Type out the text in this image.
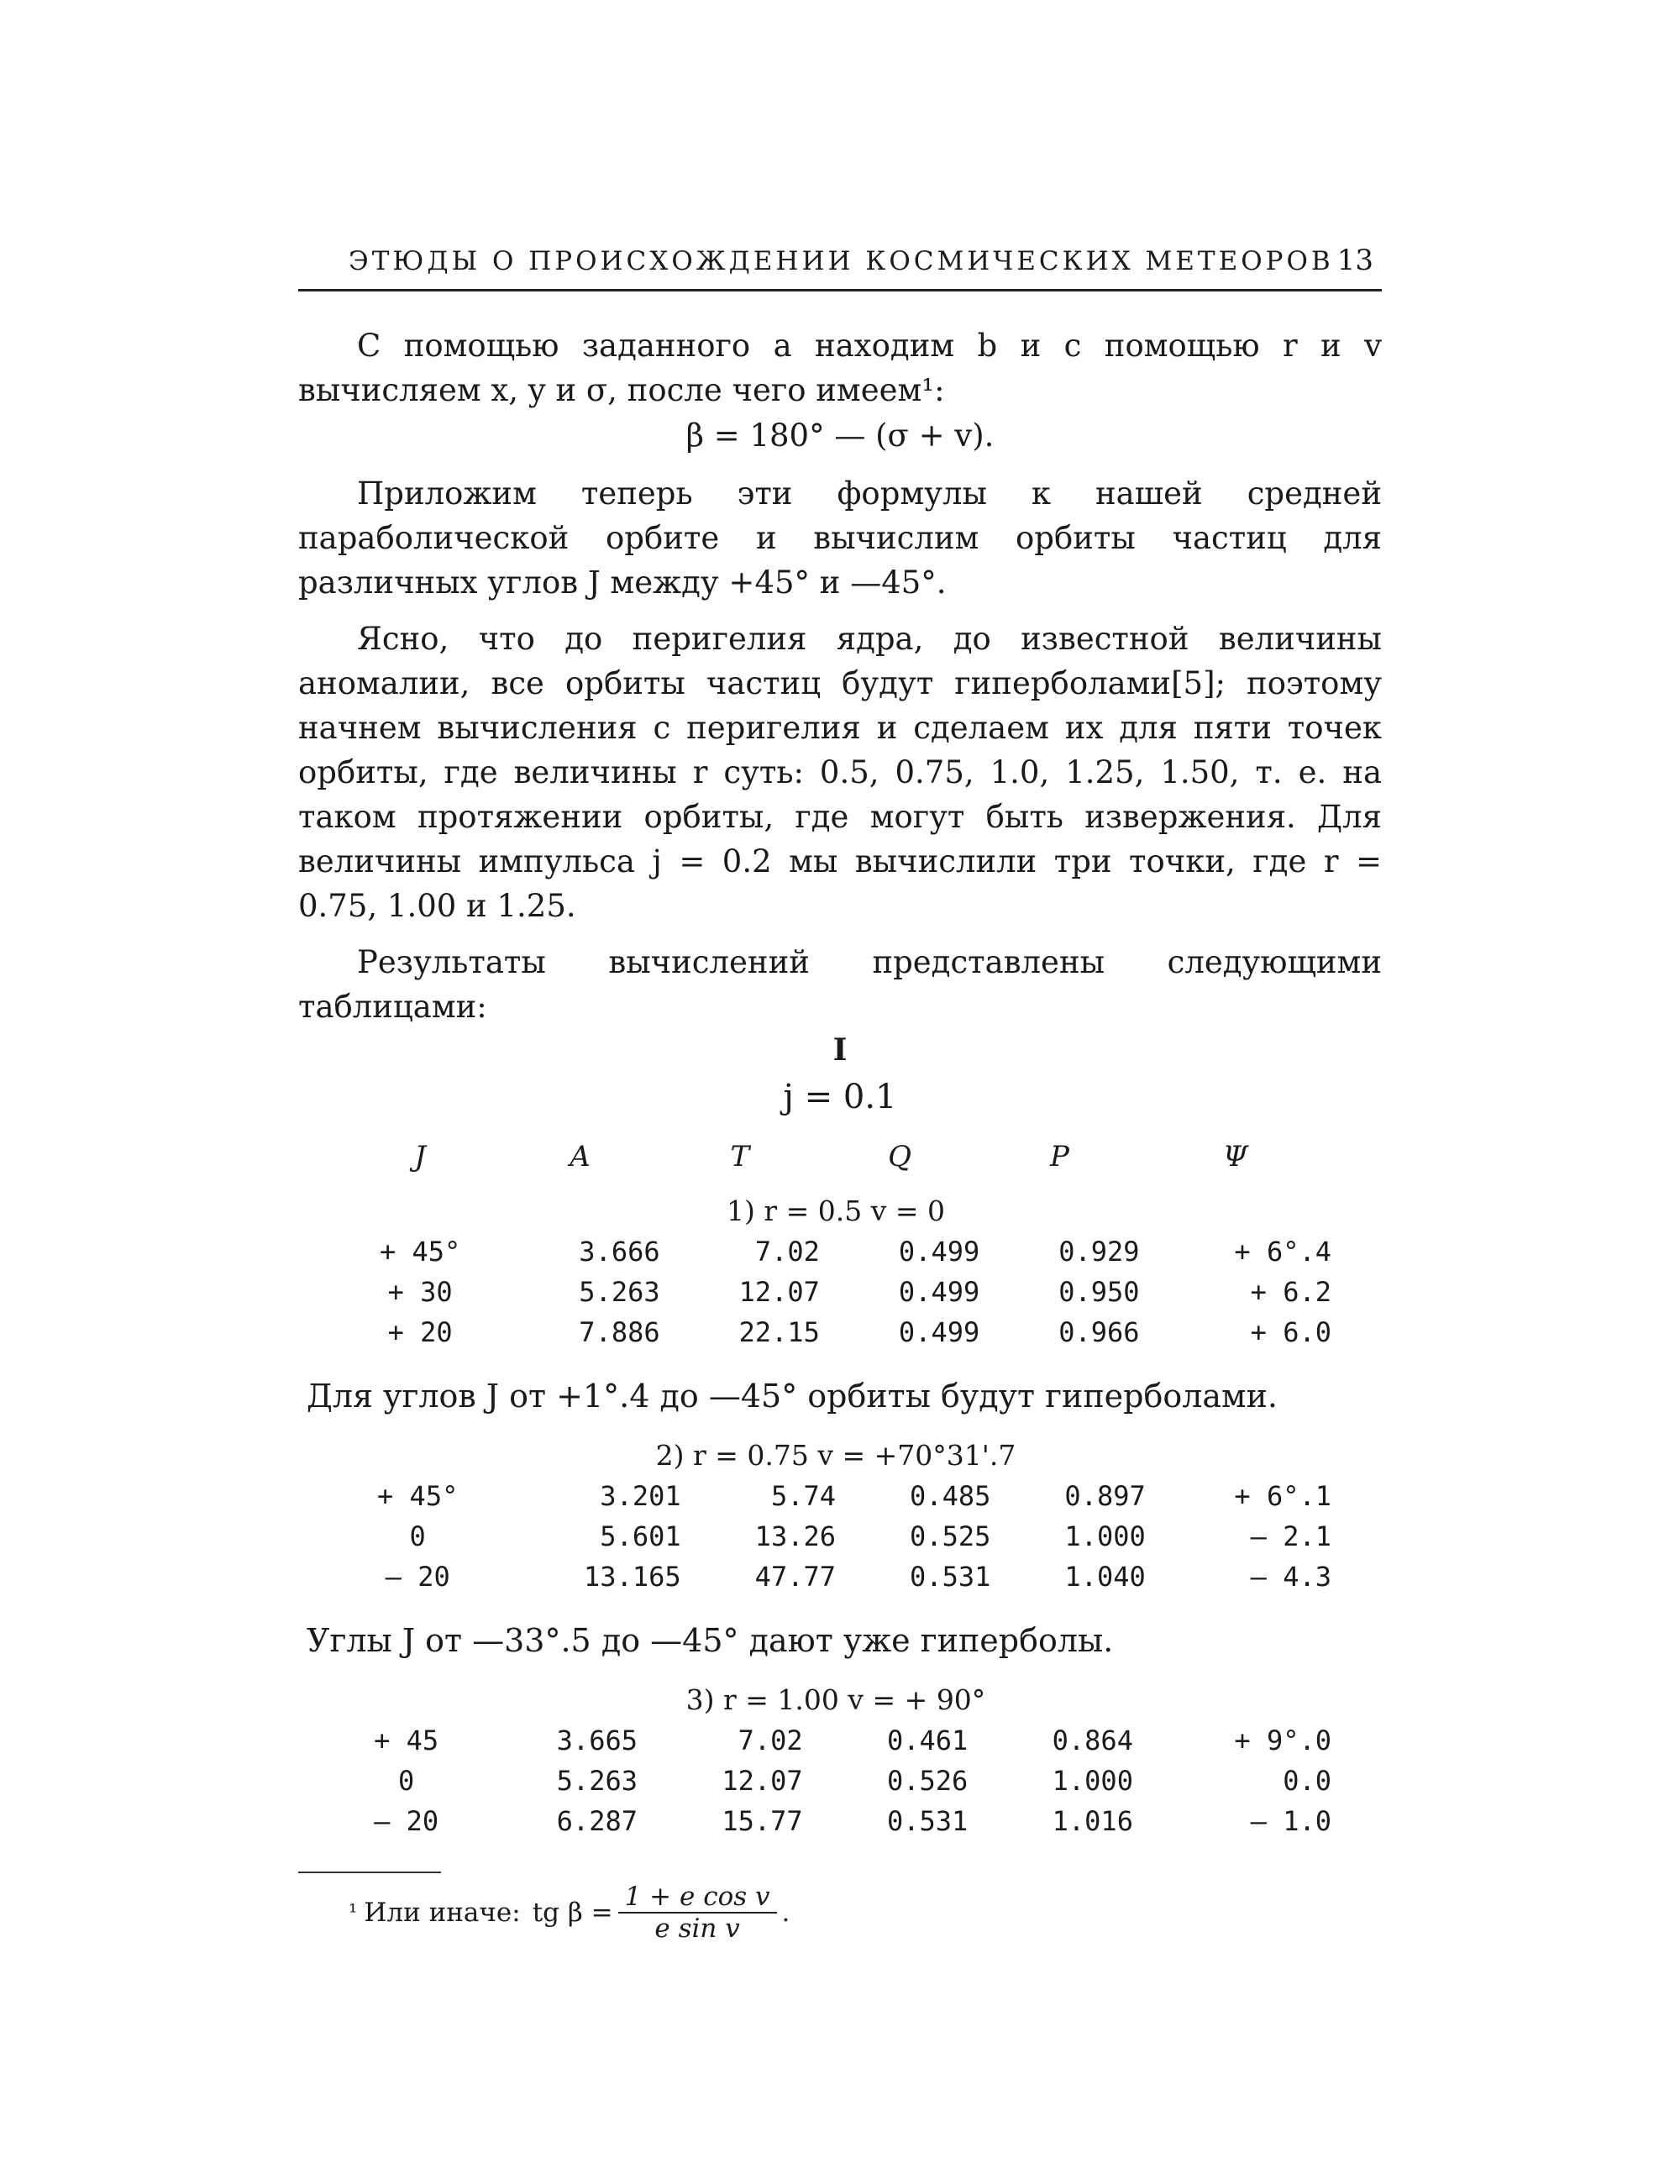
ЭТЮДЫ О ПРОИСХОЖДЕНИИ КОСМИЧЕСКИХ МЕТЕОРОВ 13

С помощью заданного a находим b и с помощью r и v вычисляем x, y и σ, после чего имеем¹:

β = 180° — (σ + v).

Приложим теперь эти формулы к нашей средней параболической орбите и вычислим орбиты частиц для различных углов J между +45° и —45°.

Ясно, что до перигелия ядра, до известной величины аномалии, все орбиты частиц будут гиперболами[5]; поэтому начнем вычисления с перигелия и сделаем их для пяти точек орбиты, где величины r суть: 0.5, 0.75, 1.0, 1.25, 1.50, т. е. на таком протяжении орбиты, где могут быть извержения. Для величины импульса j = 0.2 мы вычислили три точки, где r = 0.75, 1.00 и 1.25.

Результаты вычислений представлены следующими таблицами:

I
j = 0.1
J	A	T	Q	P	Ψ
1) r = 0.5 v = 0					
+ 45°	3.666	7.02	0.499	0.929	+ 6°.4
+ 30	5.263	12.07	0.499	0.950	+ 6.2
+ 20	7.886	22.15	0.499	0.966	+ 6.0
Для углов J от +1°.4 до —45° орбиты будут гиперболами.
2) r = 0.75 v = +70°31'.7					
+ 45°	3.201	5.74	0.485	0.897	+ 6°.1
0	5.601	13.26	0.525	1.000	— 2.1
— 20	13.165	47.77	0.531	1.040	— 4.3
Углы J от —33°.5 до —45° дают уже гиперболы.
3) r = 1.00 v = + 90°					
+ 45	3.665	7.02	0.461	0.864	+ 9°.0
0	5.263	12.07	0.526	1.000	0.0
— 20	6.287	15.77	0.531	1.016	— 1.0
¹ Или иначе: tg $\beta = \frac{\text{1 + e cos v}}{\text{e sin v}}$ .
